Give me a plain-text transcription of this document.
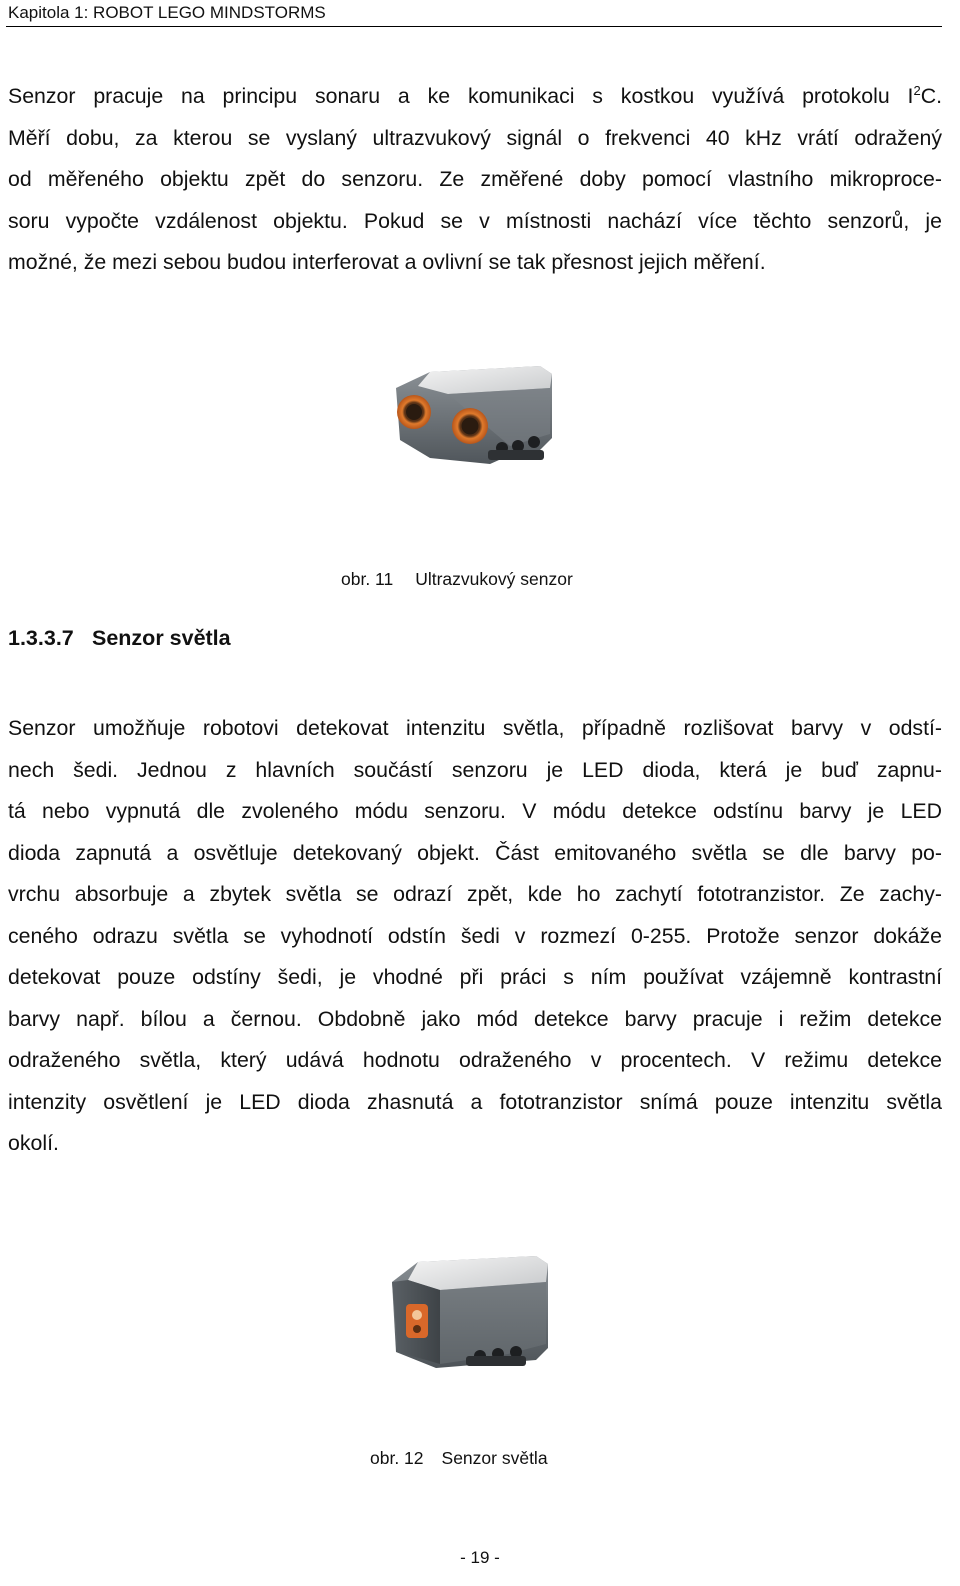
Kapitola 1: ROBOT LEGO MINDSTORMS
Senzor pracuje na principu sonaru a ke komunikaci s kostkou využívá protokolu $I^2C$.
Měří dobu, za kterou se vyslaný ultrazvukový signál o frekvenci 40 kHz vrátí odražený
od měřeného objektu zpět do senzoru. Ze změřené doby pomocí vlastního mikroproce-
soru vypočte vzdálenost objektu. Pokud se v místnosti nachází více těchto senzorů, je
možné, že mezi sebou budou interferovat a ovlivní se tak přesnost jejich měření.
obr. 11 Ultrazvukový senzor
1.3.3.7 Senzor světla
Senzor umožňuje robotovi detekovat intenzitu světla, případně rozlišovat barvy v odstí-
nech šedi. Jednou z hlavních součástí senzoru je LED dioda, která je buď zapnu-
tá nebo vypnutá dle zvoleného módu senzoru. V módu detekce odstínu barvy je LED
dioda zapnutá a osvětluje detekovaný objekt. Část emitovaného světla se dle barvy po-
vrchu absorbuje a zbytek světla se odrazí zpět, kde ho zachytí fototranzistor. Ze zachy-
ceného odrazu světla se vyhodnotí odstín šedi v rozmezí 0-255. Protože senzor dokáže
detekovat pouze odstíny šedi, je vhodné při práci s ním používat vzájemně kontrastní
barvy např. bílou a černou. Obdobně jako mód detekce barvy pracuje i režim detekce
odraženého světla, který udává hodnotu odraženého v procentech. V režimu detekce
intenzity osvětlení je LED dioda zhasnutá a fototranzistor snímá pouze intenzitu světla
okolí.
obr. 12 Senzor světla
- 19 -
